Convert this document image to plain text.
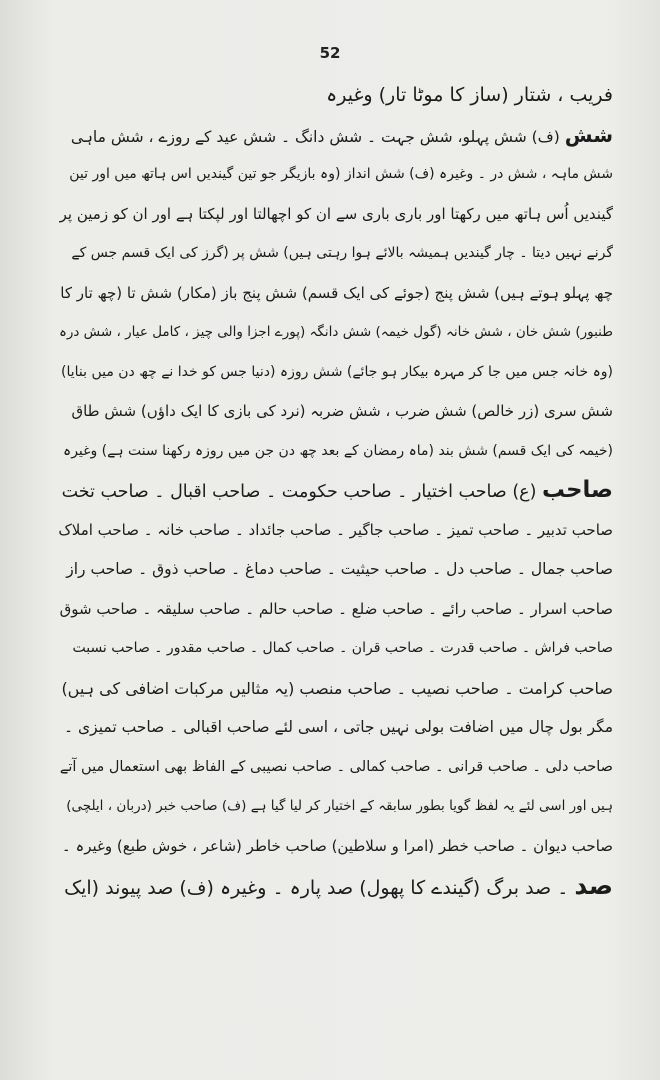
52
فریب ، شتار (ساز کا موٹا تار) وغیرہ
شش (ف) شش پہلو، شش جہت ۔ شش دانگ ۔ شش عید کے روزے ، شش ماہی
شش ماہہ ، شش در ۔ وغیرہ (ف) شش انداز (وہ بازیگر جو تین گیندیں اس ہاتھ میں اور تین
گیندیں اُس ہاتھ میں رکھتا اور باری باری سے ان کو اچھالتا اور لپکتا ہے اور ان کو زمین پر
گرنے نہیں دیتا ۔ چار گیندیں ہمیشہ بالائے ہوا رہتی ہیں) شش پر (گرز کی ایک قسم جس کے
چھ پہلو ہوتے ہیں) شش پنج (جوئے کی ایک قسم) شش پنج باز (مکار) شش تا (چھ تار کا
طنبور) شش خان ، شش خانہ (گول خیمہ) شش دانگہ (پورے اجزا والی چیز ، کامل عیار ، شش درہ
(وہ خانہ جس میں جا کر مہرہ بیکار ہو جائے) شش روزہ (دنیا جس کو خدا نے چھ دن میں بنایا)
شش سری (زر خالص) شش ضرب ، شش ضربہ (نرد کی بازی کا ایک داؤں) شش طاق
(خیمہ کی ایک قسم) شش بند (ماہ رمضان کے بعد چھ دن جن میں روزہ رکھنا سنت ہے) وغیرہ
صاحب (ع) صاحب اختیار ۔ صاحب حکومت ۔ صاحب اقبال ۔ صاحب تخت
صاحب تدبیر ۔ صاحب تمیز ۔ صاحب جاگیر ۔ صاحب جائداد ۔ صاحب خانہ ۔ صاحب املاک
صاحب جمال ۔ صاحب دل ۔ صاحب حیثیت ۔ صاحب دماغ ۔ صاحب ذوق ۔ صاحب راز
صاحب اسرار ۔ صاحب رائے ۔ صاحب ضلع ۔ صاحب حالم ۔ صاحب سلیقہ ۔ صاحب شوق
صاحب فراش ۔ صاحب قدرت ۔ صاحب قران ۔ صاحب کمال ۔ صاحب مقدور ۔ صاحب نسبت
صاحب کرامت ۔ صاحب نصیب ۔ صاحب منصب (یہ مثالیں مرکبات اضافی کی ہیں)
مگر بول چال میں اضافت بولی نہیں جاتی ، اسی لئے صاحب اقبالی ۔ صاحب تمیزی ۔
صاحب دلی ۔ صاحب قرانی ۔ صاحب کمالی ۔ صاحب نصیبی کے الفاظ بھی استعمال میں آتے
ہیں اور اسی لئے یہ لفظ گویا بطور سابقہ کے اختیار کر لیا گیا ہے (ف) صاحب خبر (دربان ، ایلچی)
صاحب دیوان ۔ صاحب خطر (امرا و سلاطین) صاحب خاطر (شاعر ، خوش طبع) وغیرہ ۔
صد ۔ صد برگ (گیندے کا پھول) صد پارہ ۔ وغیرہ (ف) صد پیوند (ایک
